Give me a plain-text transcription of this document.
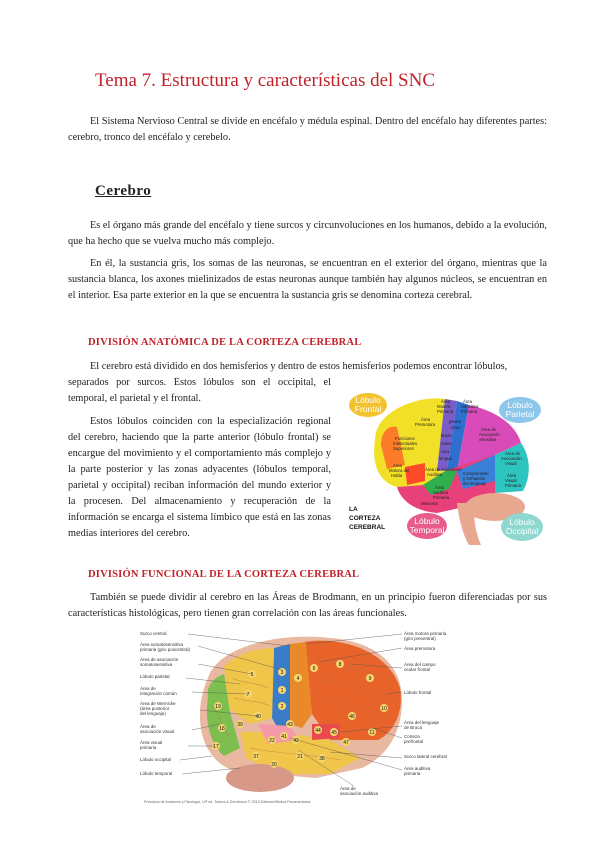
Tema 7. Estructura y características del SNC
El Sistema Nervioso Central se divide en encéfalo y médula espinal. Dentro del encéfalo hay diferentes partes: cerebro, tronco del encéfalo y cerebelo.
Cerebro
Es el órgano más grande del encéfalo y tiene surcos y circunvoluciones en los humanos, debido a la evolución, que ha hecho que se vuelva mucho más complejo.
En él, la sustancia gris, los somas de las neuronas, se encuentran en el exterior del órgano, mientras que la sustancia blanca, los axones mielinizados de estas neuronas aunque también hay algunos núcleos, se encuentran en el interior. Esa parte exterior en la que se encuentra la sustancia gris se denomina corteza cerebral.
DIVISIÓN ANATÓMICA DE LA CORTEZA CEREBRAL
El cerebro está dividido en dos hemisferios y dentro de estos hemisferios podemos encontrar lóbulos,
separados por surcos. Estos lóbulos son el occipital, el temporal, el parietal y el frontal.
Estos lóbulos coinciden con la especialización regional del cerebro, haciendo que la parte anterior (lóbulo frontal) se encargue del movimiento y el comportamiento más complejo y la parte posterior y las zonas adyacentes (lóbulos temporal, parietal y occipital) reciban información del mundo exterior y la procesen. Del almacenamiento y recuperación de la información se encarga el sistema límbico que está en las zonas medias interiores del cerebro.
Área
Motora
Primaria
Área
Sensitiva
Primaria
Área
Premotora
Funciones
Intelectuales
Superiores
pierna
tórax
brazo
mano
cara
lengua
Área de
Asociación
Sensitiva
Área
Motora del
Habla
Área de Asociación
Auditiva	Comprensión
y formación
del lenguaje
Área de
Asociación
Visual
Área
Visual
Primaria
Área
Auditiva
Primaria
Memoria
LA
CORTEZA
CEREBRAL
Lóbulo Frontal	Lóbulo Parietal
Lóbulo Temporal
Lóbulo Occipital
DIVISIÓN FUNCIONAL DE LA CORTEZA CEREBRAL
También se puede dividir al cerebro en las Áreas de Brodmann, en un principio fueron diferenciadas por sus características histológicas, pero tienen gran correlación con las áreas funcionales.
4
3
1
2
6
8
9
10
11
5
7
40
39
19
18
17
43
41
42
22
44 45
46
47
37	38
20
21
Surco central
Área somatosensitiva
primaria (giro poscentral)
Área de asociación
somatosensitiva
Lóbulo parietal
Área de
integración común
Área de Wernicke
(área posterior
del lenguaje)
Área de
asociación visual
Área visual
primaria
Lóbulo occipital
Lóbulo temporal
Área motora primaria
(giro precentral)
Área premotora
Área del campo
ocular frontal
Lóbulo frontal
Área del lenguaje
de Broca
Corteza
prefrontal
Surco lateral cerebral
Área auditiva
primaria
Área de
asociación auditiva
Principios de Anatomía y Fisiología, 13ª ed. Tortora & Derrickson © 2013 Editorial Médica Panamericana
